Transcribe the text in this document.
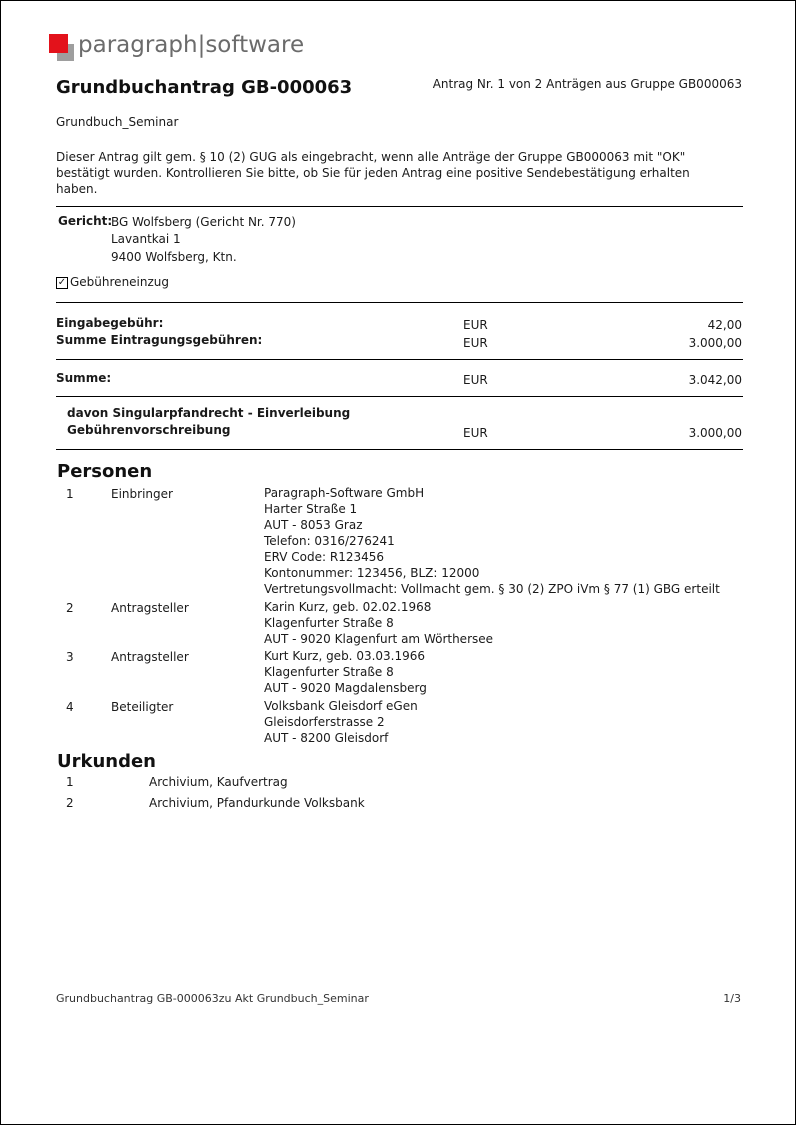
paragraph|software
Grundbuchantrag GB-000063	Antrag Nr. 1 von 2 Anträgen aus Gruppe GB000063
Grundbuch_Seminar
Dieser Antrag gilt gem. § 10 (2) GUG als eingebracht, wenn alle Anträge der Gruppe GB000063 mit "OK"
bestätigt wurden. Kontrollieren Sie bitte, ob Sie für jeden Antrag eine positive Sendebestätigung erhalten
haben.
Gericht:
BG Wolfsberg (Gericht Nr. 770)
Lavantkai 1
9400 Wolfsberg, Ktn.
✓ Gebühreneinzug
Eingabegebühr:	EUR	42,00
Summe Eintragungsgebühren:	EUR	3.000,00
Summe:	EUR	3.042,00
davon Singularpfandrecht - Einverleibung
Gebührenvorschreibung	EUR	3.000,00
Personen
1	Einbringer	Paragraph-Software GmbH
Harter Straße 1
AUT - 8053 Graz
Telefon: 0316/276241
ERV Code: R123456
Kontonummer: 123456, BLZ: 12000
Vertretungsvollmacht: Vollmacht gem. § 30 (2) ZPO iVm § 77 (1) GBG erteilt
2	Antragsteller	Karin Kurz, geb. 02.02.1968
Klagenfurter Straße 8
AUT - 9020 Klagenfurt am Wörthersee
3	Antragsteller	Kurt Kurz, geb. 03.03.1966
Klagenfurter Straße 8
AUT - 9020 Magdalensberg
4	Beteiligter	Volksbank Gleisdorf eGen
Gleisdorferstrasse 2
AUT - 8200 Gleisdorf
Urkunden
1	Archivium, Kaufvertrag
2	Archivium, Pfandurkunde Volksbank
Grundbuchantrag GB-000063zu Akt Grundbuch_Seminar	1/3
